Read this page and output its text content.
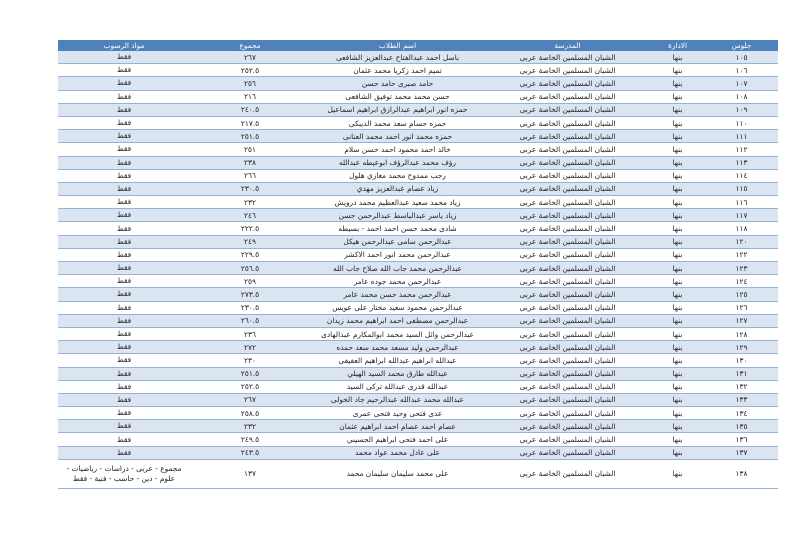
جلوس	الادارة	المدرسة	اسم الطلاب	مجموع	مواد الرسوب
١٠٥	بنها	الشبان المسلمين الخاصة عربى	باسل احمد عبدالفتاح عبدالعزيز الشافعى	٢٦٧	فقط
١٠٦	بنها	الشبان المسلمين الخاصة عربى	تميم احمد زكريا محمد عثمان	٢٥٢.٥	فقط
١٠٧	بنها	الشبان المسلمين الخاصة عربى	حامد صبرى حامد حسن	٢٥٦	فقط
١٠٨	بنها	الشبان المسلمين الخاصة عربى	حسن محمد محمد توفيق الشافعى	٢١٦	فقط
١٠٩	بنها	الشبان المسلمين الخاصة عربى	حمزه انور ابراهيم عبدالرازق ابراهيم اسماعيل	٢٤٠.٥	فقط
١١٠	بنها	الشبان المسلمين الخاصة عربى	حمزه حسام سعد محمد الديبكى	٢١٧.٥	فقط
١١١	بنها	الشبان المسلمين الخاصة عربى	حمزه محمد انور احمد محمد العنانى	٢٥١.٥	فقط
١١٢	بنها	الشبان المسلمين الخاصة عربى	خالد احمد محمود احمد حسن سلام	٢٥١	فقط
١١٣	بنها	الشبان المسلمين الخاصة عربى	رؤف محمد عبدالرؤف ابوعيطه عبدالله	٢٣٨	فقط
١١٤	بنها	الشبان المسلمين الخاصة عربى	رجب ممدوح محمد مغازي هلول	٢٦٦	فقط
١١٥	بنها	الشبان المسلمين الخاصة عربى	زياد عصام عبدالعزيز مهدي	٢٣٠.٥	فقط
١١٦	بنها	الشبان المسلمين الخاصة عربى	زياد محمد سعيد عبدالعظيم محمد درويش	٢٣٢	فقط
١١٧	بنها	الشبان المسلمين الخاصة عربى	زياد ياسر عبدالباسط عبدالرحمن حسن	٢٤٦	فقط
١١٨	بنها	الشبان المسلمين الخاصة عربى	شادى محمد حسن احمد احمد - بسيطه	٢٢٢.٥	فقط
١٢٠	بنها	الشبان المسلمين الخاصة عربى	عبدالرحمن سامى عبدالرحمن هيكل	٢٤٩	فقط
١٢٢	بنها	الشبان المسلمين الخاصة عربى	عبدالرحمن محمد انور احمد الاكشر	٢٢٩.٥	فقط
١٢٣	بنها	الشبان المسلمين الخاصة عربى	عبدالرحمن محمد جاب الله صلاح جاب الله	٢٥٦.٥	فقط
١٢٤	بنها	الشبان المسلمين الخاصة عربى	عبدالرحمن محمد جوده عامر	٢٥٩	فقط
١٢٥	بنها	الشبان المسلمين الخاصة عربى	عبدالرحمن محمد حسن محمد عامر	٢٧٣.٥	فقط
١٢٦	بنها	الشبان المسلمين الخاصة عربى	عبدالرحمن محمود سعيد مختار على عويس	٢٣٠.٥	فقط
١٢٧	بنها	الشبان المسلمين الخاصة عربى	عبدالرحمن مصطفى احمد ابراهيم محمد زيدان	٢٦٠.٥	فقط
١٢٨	بنها	الشبان المسلمين الخاصة عربى	عبدالرحمن وائل السيد محمد ابوالمكارم عبدالهادى	٢٣٦	فقط
١٢٩	بنها	الشبان المسلمين الخاصة عربى	عبدالرحمن وليد مسعد محمد سعد حمده	٢٧٢	فقط
١٣٠	بنها	الشبان المسلمين الخاصة عربى	عبدالله ابراهيم عبدالله ابراهيم العفيفى	٢٣٠	فقط
١٣١	بنها	الشبان المسلمين الخاصة عربى	عبدالله طارق محمد السيد الهيلي	٢٥١.٥	فقط
١٣٢	بنها	الشبان المسلمين الخاصة عربى	عبدالله قدرى عبدالله تركى السيد	٢٥٢.٥	فقط
١٣٣	بنها	الشبان المسلمين الخاصة عربى	عبدالله محمد عبدالله عبدالرحيم جاد الخولى	٢٦٧	فقط
١٣٤	بنها	الشبان المسلمين الخاصة عربى	عدى فتحى وحيد فتحى عمرى	٢٥٨.٥	فقط
١٣٥	بنها	الشبان المسلمين الخاصة عربى	عصام احمد عصام احمد ابراهيم عثمان	٢٣٢	فقط
١٣٦	بنها	الشبان المسلمين الخاصة عربى	على احمد فتحى ابراهيم الحسيني	٢٤٩.٥	فقط
١٣٧	بنها	الشبان المسلمين الخاصة عربى	على عادل محمد عواد محمد	٢٤٣.٥	فقط
١٣٨	بنها	الشبان المسلمين الخاصة عربى	على محمد سليمان سليمان محمد	١٣٧	مجموع - عربى - دراسات - رياضيات - علوم - دين - حاسب - فنية - فقط
